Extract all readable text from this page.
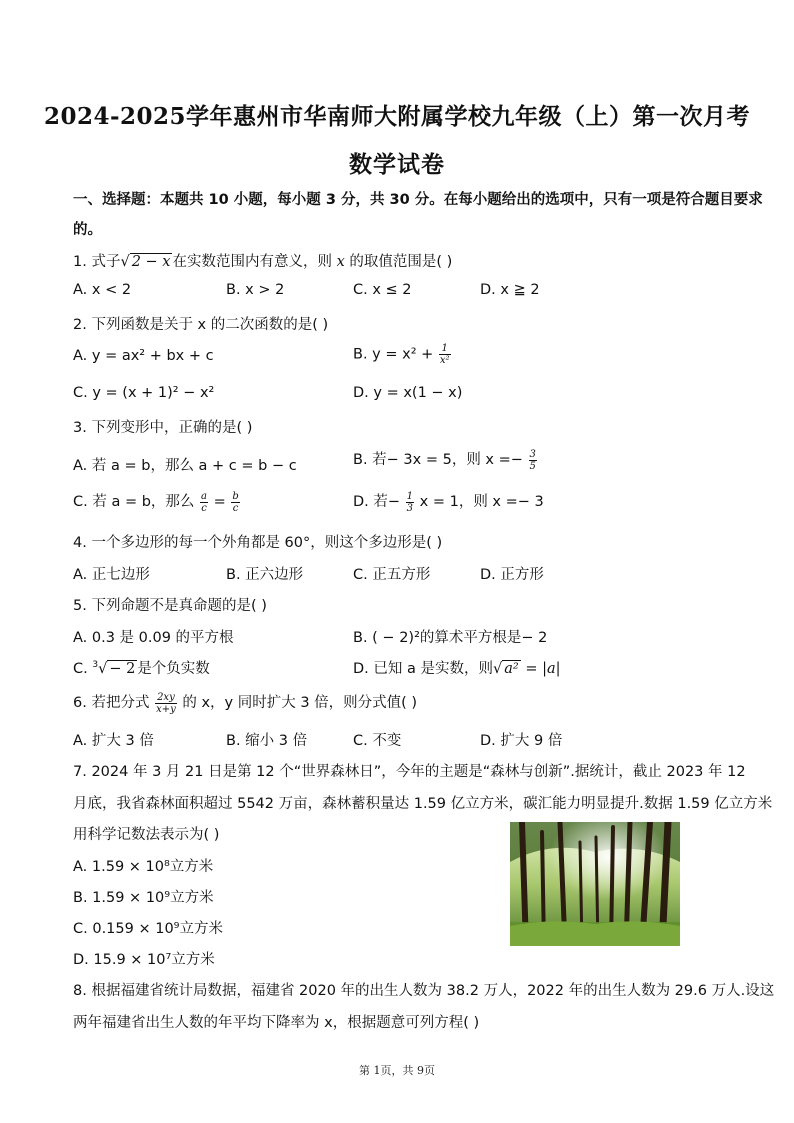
2024-2025学年惠州市华南师大附属学校九年级（上）第一次月考
数学试卷
一、选择题：本题共 10 小题，每小题 3 分，共 30 分。在每小题给出的选项中，只有一项是符合题目要求
的。
1. 式子√ 2 − x 在实数范围内有意义，则 x 的取值范围是( )
A. x < 2	B. x > 2	C. x ≤ 2	D. x ≧ 2
2. 下列函数是关于 x 的二次函数的是( )
A. y = ax² + bx + c	B. $y = x^2 + \frac{1}{\text{x²}}$
C. y = (x + 1)² − x²	D. y = x(1 − x)
3. 下列变形中，正确的是( )
A. 若 a = b，那么 a + c = b − c	B. 若− 3x = 5，则 $x =- \frac{3}{5}$
C. 若 a = b，那么 $\frac{a}{c} = \frac{b}{c}$	D. 若− $\frac{1}{3}$ x = 1，则 x =− 3
4. 一个多边形的每一个外角都是 60°，则这个多边形是( )
A. 正七边形	B. 正六边形	C. 正五方形	D. 正方形
5. 下列命题不是真命题的是( )
A. 0.3 是 0.09 的平方根	B. ( − 2)²的算术平方根是− 2
C. $^3$√ − 2 是个负实数	D. 已知 a 是实数，则√ a² = |a|
6. 若把分式 $\frac{2xy}{x+y}$ 的 x，y 同时扩大 3 倍，则分式值( )
A. 扩大 3 倍	B. 缩小 3 倍	C. 不变	D. 扩大 9 倍
7. 2024 年 3 月 21 日是第 12 个“世界森林日”，今年的主题是“森林与创新”.据统计，截止 2023 年 12
月底，我省森林面积超过 5542 万亩，森林蓄积量达 1.59 亿立方米，碳汇能力明显提升.数据 1.59 亿立方米
用科学记数法表示为( )
A. 1.59 × 10⁸立方米
B. 1.59 × 10⁹立方米
C. 0.159 × 10⁹立方米
D. 15.9 × 10⁷立方米
8. 根据福建省统计局数据，福建省 2020 年的出生人数为 38.2 万人，2022 年的出生人数为 29.6 万人.设这
两年福建省出生人数的年平均下降率为 x，根据题意可列方程( )
第 1页，共 9页
